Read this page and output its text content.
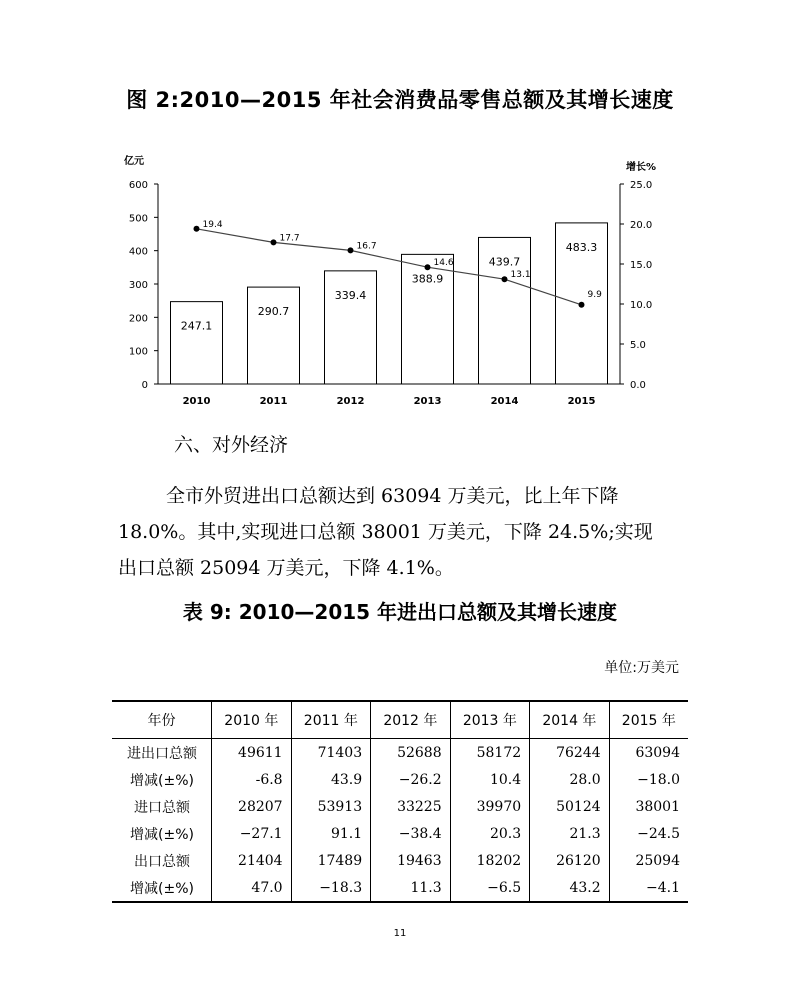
图 2:2010—2015 年社会消费品零售总额及其增长速度
0
100
200
300
400
500
600
0.0
5.0
10.0
15.0
20.0
25.0
亿元
增长%
247.1
2010
290.7
2011
339.4
2012
388.9
2013
439.7
2014
483.3
2015
19.4
17.7
16.7
14.6
13.1
9.9
六、对外经济
全市外贸进出口总额达到 63094 万美元，比上年下降
18.0%。其中,实现进口总额 38001 万美元，下降 24.5%;实现
出口总额 25094 万美元，下降 4.1%。
表 9: 2010—2015 年进出口总额及其增长速度
单位:万美元
年份	2010 年	2011 年	2012 年	2013 年	2014 年	2015 年
进出口总额	49611	71403	52688	58172	76244	63094
增减(±%)	-6.8	43.9	−26.2	10.4	28.0	−18.0
进口总额	28207	53913	33225	39970	50124	38001
增减(±%)	−27.1	91.1	−38.4	20.3	21.3	−24.5
出口总额	21404	17489	19463	18202	26120	25094
增减(±%)	47.0	−18.3	11.3	−6.5	43.2	−4.1
11
